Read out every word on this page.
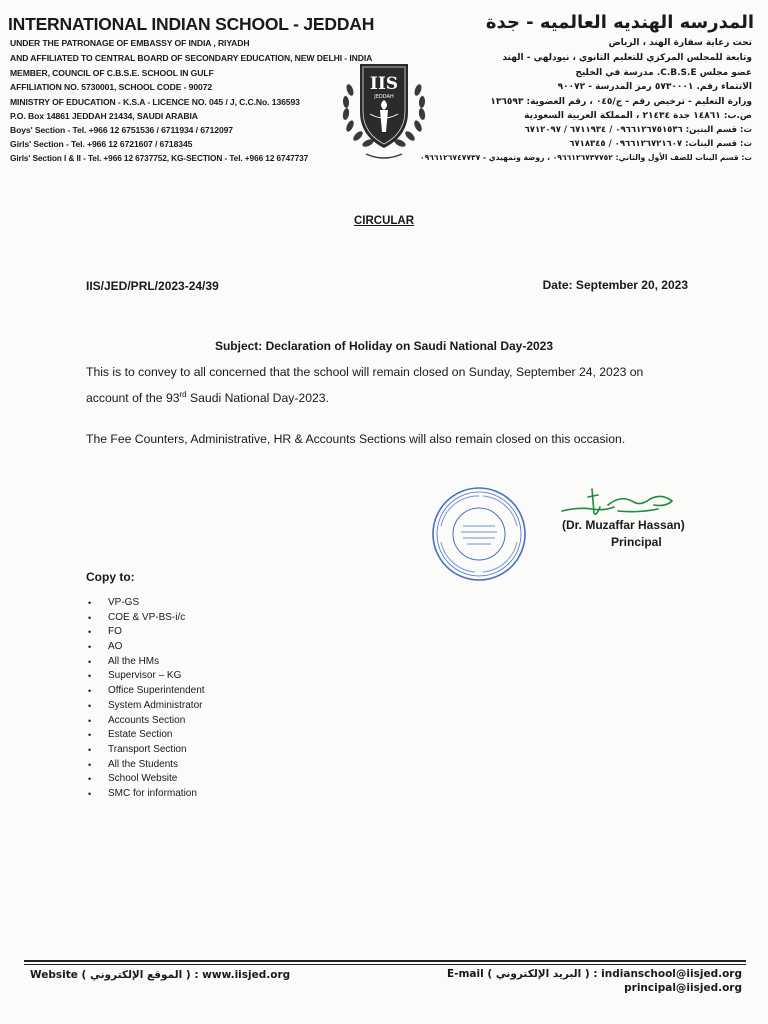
INTERNATIONAL INDIAN SCHOOL - JEDDAH
UNDER THE PATRONAGE OF EMBASSY OF INDIA , RIYADH
AND AFFILIATED TO CENTRAL BOARD OF SECONDARY EDUCATION, NEW DELHI - INDIA
MEMBER, COUNCIL OF C.B.S.E. SCHOOL IN GULF
AFFILIATION NO. 5730001, SCHOOL CODE - 90072
MINISTRY OF EDUCATION - K.S.A - LICENCE NO. 045 / J, C.C.No. 136593
P.O. Box 14861 JEDDAH 21434, SAUDI ARABIA
Boys' Section - Tel. +966 12 6751536 / 6711934 / 6712097
Girls' Section - Tel. +966 12 6721607 / 6718345
Girls' Section I & II - Tel. +966 12 6737752, KG-SECTION - Tel. +966 12 6747737
المدرسه الهنديه العالميه - جدة
تحت رعاية سفارة الهند ، الرياض
وتابعة للمجلس المركزي للتعليم الثانوي ، نيودلهي - الهند
عضو مجلس C.B.S.E. مدرسة في الخليج
الانتماء رقم. ٥٧٣٠٠٠١ رمز المدرسة - ٩٠٠٧٢
وزارة التعليم - ترخيص رقم - ج/٠٤٥ ، رقم العضوية: ١٣٦٥٩٣
ص.ب: ١٤٨٦١ جدة ٢١٤٣٤ ، المملكة العربية السعودية
ت: قسم البنين: ٠٩٦٦١٢٦٧٥١٥٣٦ / ٦٧١١٩٣٤ / ٦٧١٢٠٩٧
ت: قسم البنات: ٠٩٦٦١٢٦٧٢١٦٠٧ / ٦٧١٨٣٤٥
ت: قسم البنات للصف الأول والثاني: ٠٩٦٦١٢٦٧٣٧٧٥٢ ، روضة وتمهيدي - ٠٩٦٦١٢٦٧٤٧٧٣٧
IIS
JEDDAH
CIRCULAR
IIS/JED/PRL/2023-24/39	Date: September 20, 2023
Subject: Declaration of Holiday on Saudi National Day-2023
This is to convey to all concerned that the school will remain closed on Sunday, September 24, 2023 on
account of the 93rd Saudi National Day-2023.
The Fee Counters, Administrative, HR & Accounts Sections will also remain closed on this occasion.
(Dr. Muzaffar Hassan)
Principal
Copy to:
• VP-GS
• COE & VP-BS-i/c
• FO
• AO
• All the HMs
• Supervisor – KG
• Office Superintendent
• System Administrator
• Accounts Section
• Estate Section
• Transport Section
• All the Students
• School Website
• SMC for information
Website ( الموقع الإلكتروني ) : www.iisjed.org	E-mail ( البريد الإلكتروني ) : indianschool@iisjed.org
principal@iisjed.org
